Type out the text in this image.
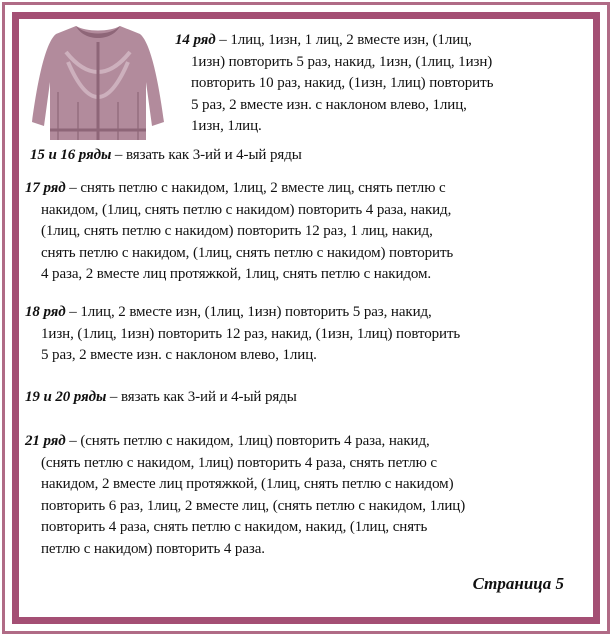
14 ряд – 1лиц, 1изн, 1 лиц, 2 вместе изн, (1лиц,
1изн) повторить 5 раз, накид, 1изн, (1лиц, 1изн)
повторить 10 раз, накид, (1изн, 1лиц) повторить
5 раз, 2 вместе изн. с наклоном влево, 1лиц,
1изн, 1лиц.
15 и 16 ряды – вязать как 3-ий и 4-ый ряды
17 ряд – снять петлю с накидом, 1лиц, 2 вместе лиц, снять петлю с
накидом, (1лиц, снять петлю с накидом) повторить 4 раза, накид,
(1лиц, снять петлю с накидом) повторить 12 раз, 1 лиц, накид,
снять петлю с накидом, (1лиц, снять петлю с накидом) повторить
4 раза, 2 вместе лиц протяжкой, 1лиц, снять петлю с накидом.
18 ряд – 1лиц, 2 вместе изн, (1лиц, 1изн) повторить 5 раз, накид,
1изн, (1лиц, 1изн) повторить 12 раз, накид, (1изн, 1лиц) повторить
5 раз, 2 вместе изн. с наклоном влево, 1лиц.
19 и 20 ряды – вязать как 3-ий и 4-ый ряды
21 ряд – (снять петлю с накидом, 1лиц) повторить 4 раза, накид,
(снять петлю с накидом, 1лиц) повторить 4 раза, снять петлю с
накидом, 2 вместе лиц протяжкой, (1лиц, снять петлю с накидом)
повторить 6 раз, 1лиц, 2 вместе лиц, (снять петлю с накидом, 1лиц)
повторить 4 раза, снять петлю с накидом, накид, (1лиц, снять
петлю с накидом) повторить 4 раза.
Страница 5
